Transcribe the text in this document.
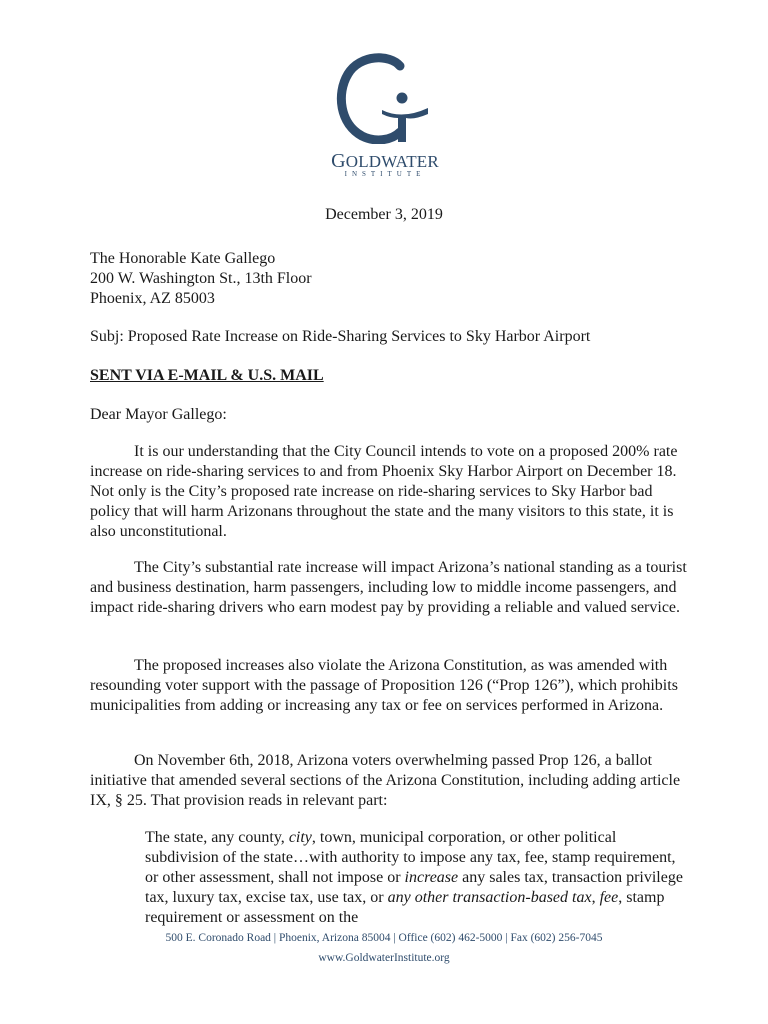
GOLDWATER
INSTITUTE
December 3, 2019
The Honorable Kate Gallego
200 W. Washington St., 13th Floor
Phoenix, AZ 85003
Subj: Proposed Rate Increase on Ride-Sharing Services to Sky Harbor Airport
SENT VIA E-MAIL & U.S. MAIL
Dear Mayor Gallego:
It is our understanding that the City Council intends to vote on a proposed 200% rate increase on ride-sharing services to and from Phoenix Sky Harbor Airport on December 18. Not only is the City’s proposed rate increase on ride-sharing services to Sky Harbor bad policy that will harm Arizonans throughout the state and the many visitors to this state, it is also unconstitutional.
The City’s substantial rate increase will impact Arizona’s national standing as a tourist and business destination, harm passengers, including low to middle income passengers, and impact ride-sharing drivers who earn modest pay by providing a reliable and valued service.
The proposed increases also violate the Arizona Constitution, as was amended with resounding voter support with the passage of Proposition 126 (“Prop 126”), which prohibits municipalities from adding or increasing any tax or fee on services performed in Arizona.
On November 6th, 2018, Arizona voters overwhelming passed Prop 126, a ballot initiative that amended several sections of the Arizona Constitution, including adding article IX, § 25. That provision reads in relevant part:
The state, any county, city, town, municipal corporation, or other political subdivision of the state…with authority to impose any tax, fee, stamp requirement, or other assessment, shall not impose or increase any sales tax, transaction privilege tax, luxury tax, excise tax, use tax, or any other transaction-based tax, fee, stamp requirement or assessment on the
500 E. Coronado Road | Phoenix, Arizona 85004 | Office (602) 462-5000 | Fax (602) 256-7045
www.GoldwaterInstitute.org
